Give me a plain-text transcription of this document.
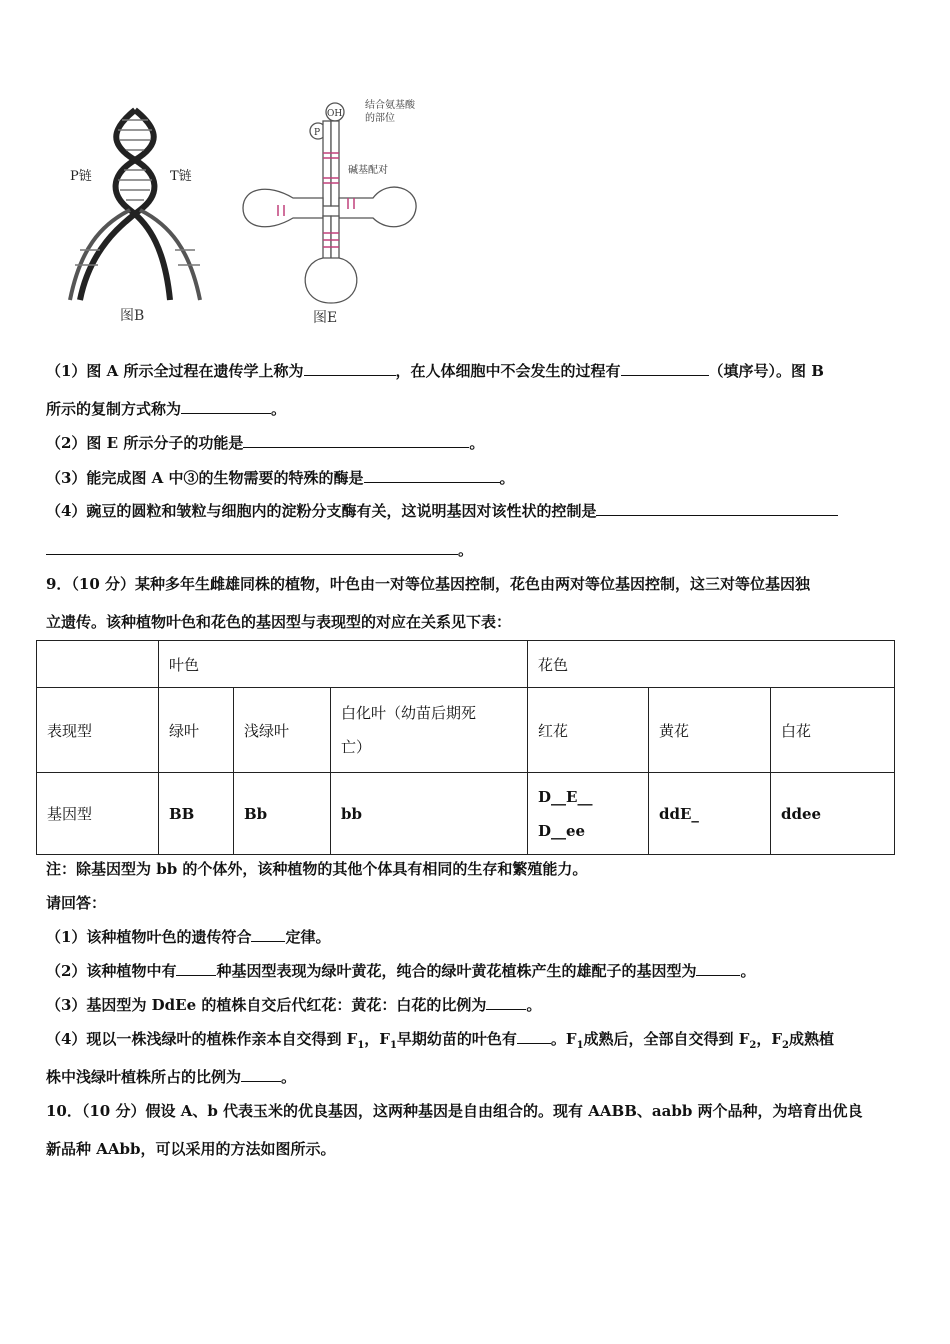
P链	T链
图B
OH
P
结合氨基酸
的部位
碱基配对
图E
（1）图 A 所示全过程在遗传学上称为	，在人体细胞中不会发生的过程有	（填序号）。图 B
所示的复制方式称为	。
（2）图 E 所示分子的功能是	。
（3）能完成图 A 中③的生物需要的特殊的酶是	。
（4）豌豆的圆粒和皱粒与细胞内的淀粉分支酶有关，这说明基因对该性状的控制是
。
9．（10 分）某种多年生雌雄同株的植物，叶色由一对等位基因控制，花色由两对等位基因控制，这三对等位基因独
立遗传。该种植物叶色和花色的基因型与表现型的对应在关系见下表：
	叶色			花色		
表现型	绿叶	浅绿叶	白化叶（幼苗后期死
亡）	红花	黄花	白花
基因型	BB	Bb	bb	D__E__
D__ee	ddE_	ddee
注：除基因型为 bb 的个体外，该种植物的其他个体具有相同的生存和繁殖能力。
请回答：
（1）该种植物叶色的遗传符合 定律。
（2）该种植物中有	种基因型表现为绿叶黄花，纯合的绿叶黄花植株产生的雄配子的基因型为	。
（3）基因型为 DdEe 的植株自交后代红花：黄花：白花的比例为	。
（4）现以一株浅绿叶的植株作亲本自交得到 $F_1$，$F_1$早期幼苗的叶色有 。$F_1$成熟后，全部自交得到 $F_2$，$F_2$成熟植
株中浅绿叶植株所占的比例为	。
10．（10 分）假设 A、b 代表玉米的优良基因，这两种基因是自由组合的。现有 AABB、aabb 两个品种，为培育出优良
新品种 AAbb，可以采用的方法如图所示。
